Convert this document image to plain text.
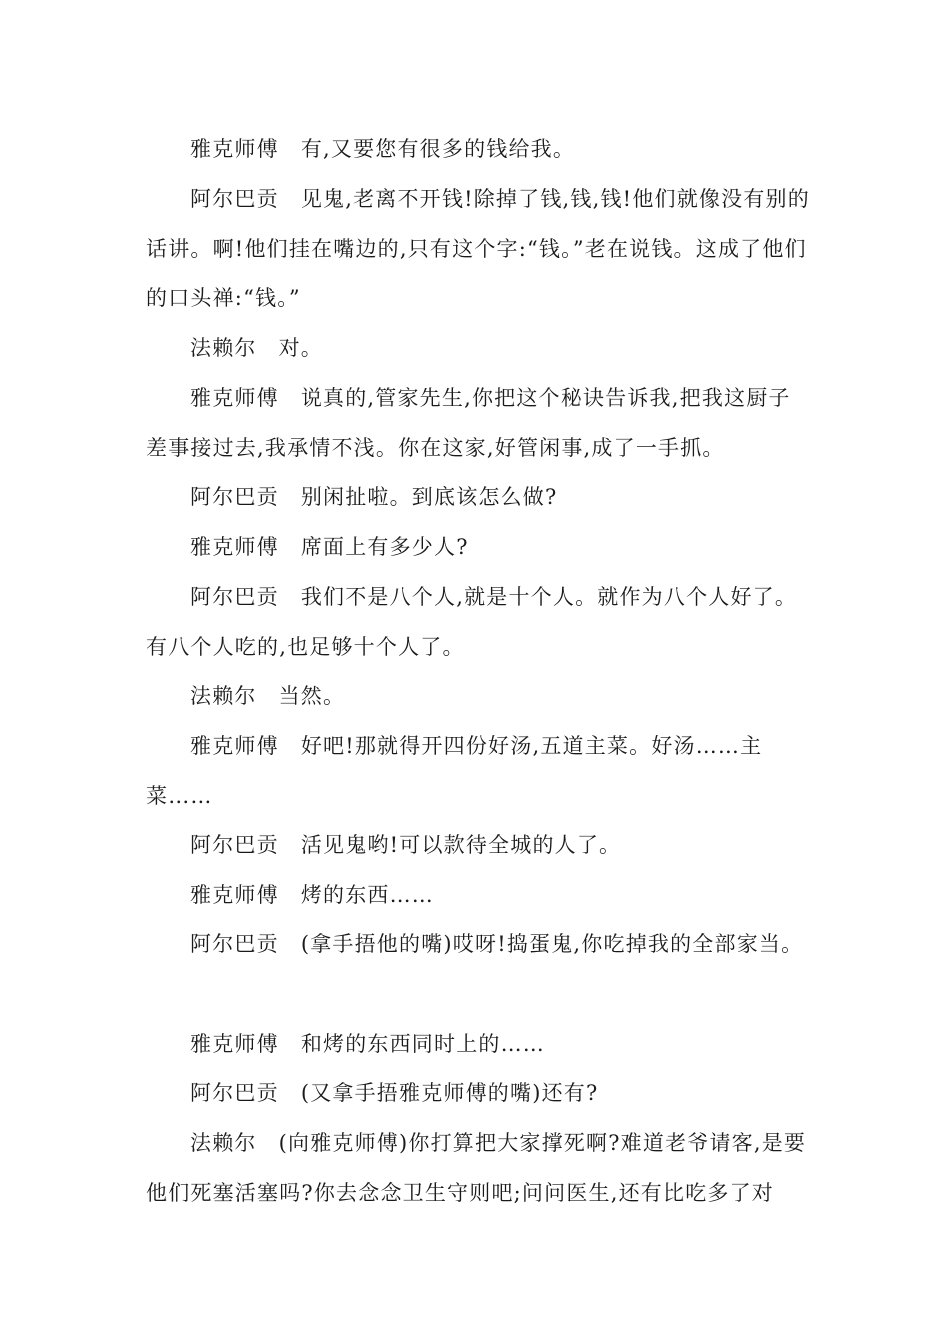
雅克师傅 有,又要您有很多的钱给我。

阿尔巴贡 见鬼,老离不开钱!除掉了钱,钱,钱!他们就像没有别的话讲。啊!他们挂在嘴边的,只有这个字:“钱。”老在说钱。这成了他们的口头禅:“钱。”

法赖尔 对。

雅克师傅 说真的,管家先生,你把这个秘诀告诉我,把我这厨子差事接过去,我承情不浅。你在这家,好管闲事,成了一手抓。

阿尔巴贡 别闲扯啦。到底该怎么做?

雅克师傅 席面上有多少人?

阿尔巴贡 我们不是八个人,就是十个人。就作为八个人好了。有八个人吃的,也足够十个人了。

法赖尔 当然。

雅克师傅 好吧!那就得开四份好汤,五道主菜。好汤……主菜……

阿尔巴贡 活见鬼哟!可以款待全城的人了。

雅克师傅 烤的东西……

阿尔巴贡 (拿手捂他的嘴)哎呀!捣蛋鬼,你吃掉我的全部家当。

雅克师傅 和烤的东西同时上的……

阿尔巴贡 (又拿手捂雅克师傅的嘴)还有?

法赖尔 (向雅克师傅)你打算把大家撑死啊?难道老爷请客,是要他们死塞活塞吗?你去念念卫生守则吧;问问医生,还有比吃多了对
